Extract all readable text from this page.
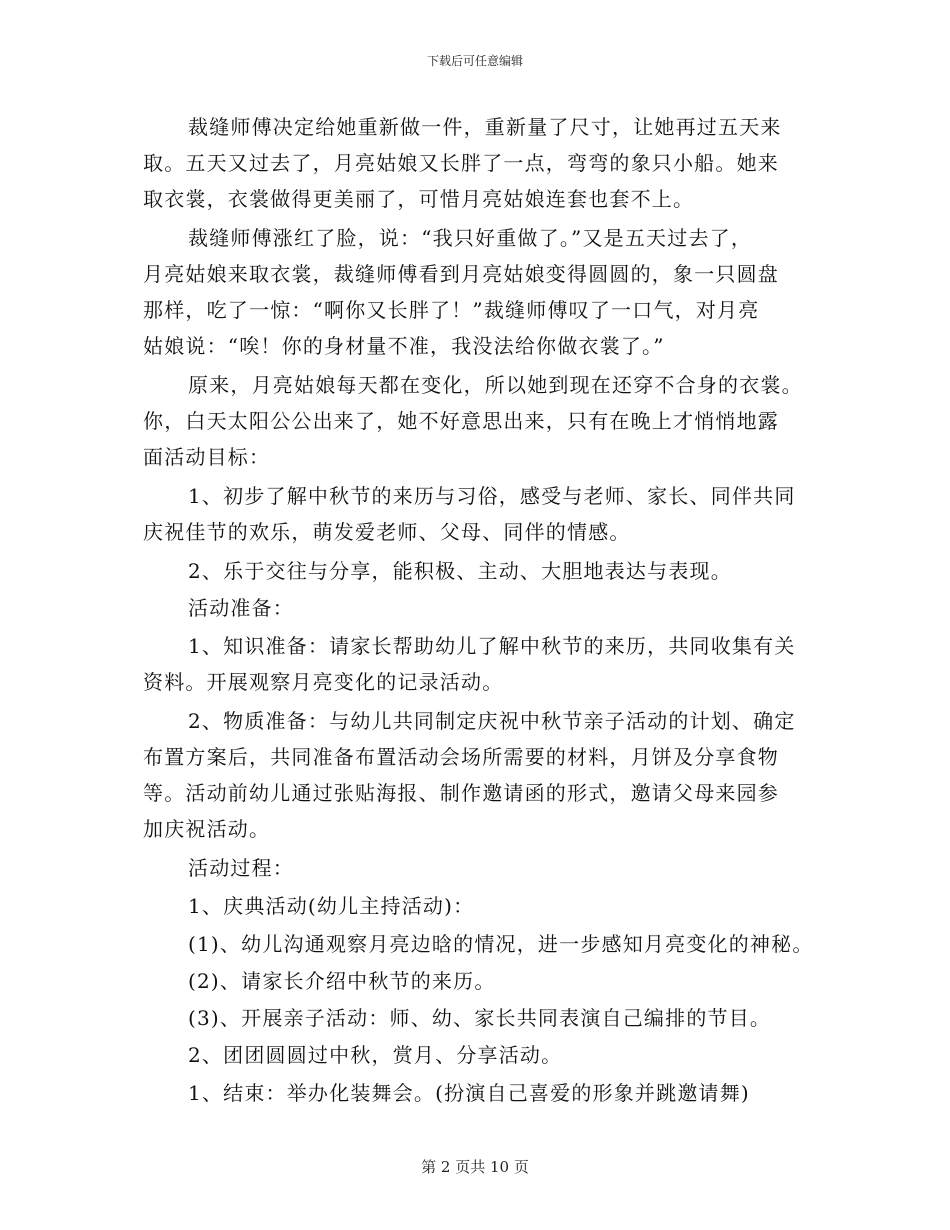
下载后可任意编辑
裁缝师傅决定给她重新做一件，重新量了尺寸，让她再过五天来
取。五天又过去了，月亮姑娘又长胖了一点，弯弯的象只小船。她来
取衣裳，衣裳做得更美丽了，可惜月亮姑娘连套也套不上。
裁缝师傅涨红了脸，说：“我只好重做了。”又是五天过去了，
月亮姑娘来取衣裳，裁缝师傅看到月亮姑娘变得圆圆的，象一只圆盘
那样，吃了一惊：“啊你又长胖了！”裁缝师傅叹了一口气，对月亮
姑娘说：“唉！你的身材量不准，我没法给你做衣裳了。”
原来，月亮姑娘每天都在变化，所以她到现在还穿不合身的衣裳。
你，白天太阳公公出来了，她不好意思出来，只有在晚上才悄悄地露
面活动目标：
1、初步了解中秋节的来历与习俗，感受与老师、家长、同伴共同
庆祝佳节的欢乐，萌发爱老师、父母、同伴的情感。
2、乐于交往与分享，能积极、主动、大胆地表达与表现。
活动准备：
1、知识准备：请家长帮助幼儿了解中秋节的来历，共同收集有关
资料。开展观察月亮变化的记录活动。
2、物质准备：与幼儿共同制定庆祝中秋节亲子活动的计划、确定
布置方案后，共同准备布置活动会场所需要的材料，月饼及分享食物
等。活动前幼儿通过张贴海报、制作邀请函的形式，邀请父母来园参
加庆祝活动。
活动过程：
1、庆典活动(幼儿主持活动)：
(1)、幼儿沟通观察月亮边晗的情况，进一步感知月亮变化的神秘。
(2)、请家长介绍中秋节的来历。
(3)、开展亲子活动：师、幼、家长共同表演自己编排的节目。
2、团团圆圆过中秋，赏月、分享活动。
1、结束：举办化装舞会。(扮演自己喜爱的形象并跳邀请舞)
第 2 页共 10 页
